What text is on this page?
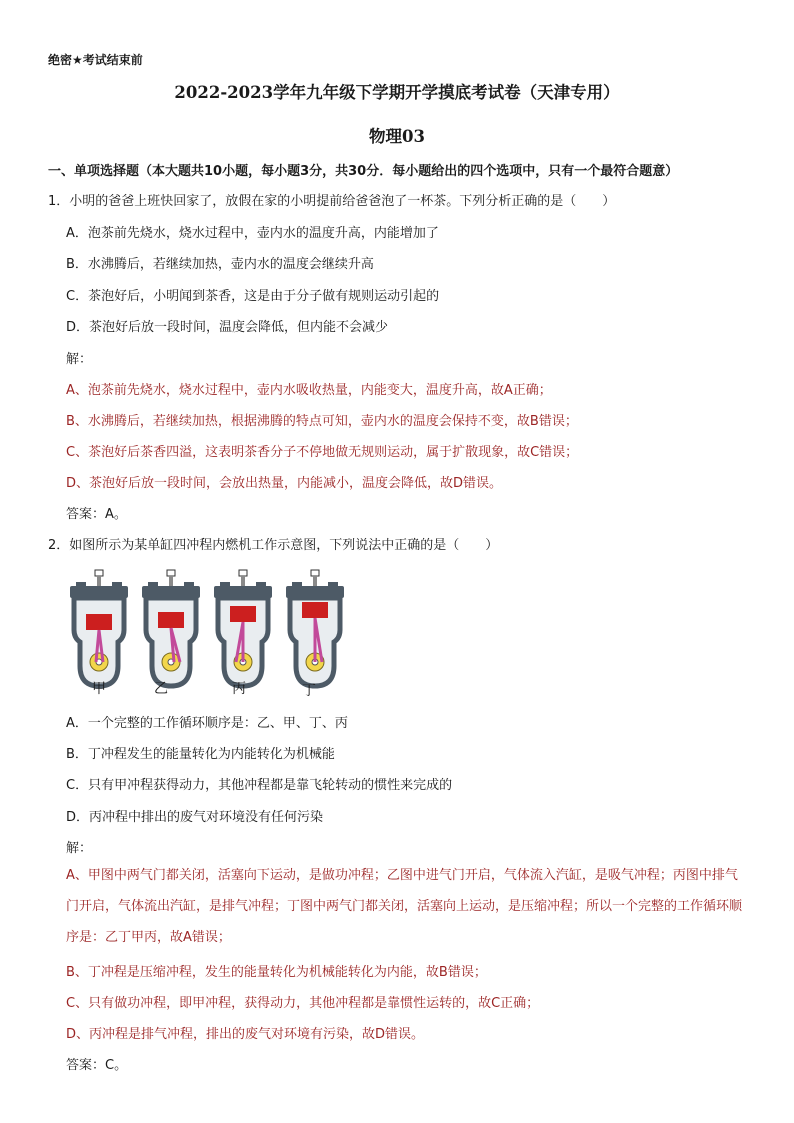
绝密★考试结束前
2022-2023学年九年级下学期开学摸底考试卷（天津专用）
物理03
一、单项选择题（本大题共10小题，每小题3分，共30分．每小题给出的四个选项中，只有一个最符合题意）
1．小明的爸爸上班快回家了，放假在家的小明提前给爸爸泡了一杯茶。下列分析正确的是（　　）
A．泡茶前先烧水，烧水过程中，壶内水的温度升高，内能增加了
B．水沸腾后，若继续加热，壶内水的温度会继续升高
C．茶泡好后，小明闻到茶香，这是由于分子做有规则运动引起的
D．茶泡好后放一段时间，温度会降低，但内能不会减少
解：
A、泡茶前先烧水，烧水过程中，壶内水吸收热量，内能变大，温度升高，故A正确；
B、水沸腾后，若继续加热，根据沸腾的特点可知，壶内水的温度会保持不变，故B错误；
C、茶泡好后茶香四溢，这表明茶香分子不停地做无规则运动，属于扩散现象，故C错误；
D、茶泡好后放一段时间，会放出热量，内能减小，温度会降低，故D错误。
答案：A。
2．如图所示为某单缸四冲程内燃机工作示意图，下列说法中正确的是（　　）
甲	乙	丙	丁
A．一个完整的工作循环顺序是：乙、甲、丁、丙
B．丁冲程发生的能量转化为内能转化为机械能
C．只有甲冲程获得动力，其他冲程都是靠飞轮转动的惯性来完成的
D．丙冲程中排出的废气对环境没有任何污染
解：
A、甲图中两气门都关闭，活塞向下运动，是做功冲程；乙图中进气门开启，气体流入汽缸，是吸气冲程；丙图中排气门开启，气体流出汽缸，是排气冲程；丁图中两气门都关闭，活塞向上运动，是压缩冲程；所以一个完整的工作循环顺序是：乙丁甲丙，故A错误；
B、丁冲程是压缩冲程，发生的能量转化为机械能转化为内能，故B错误；
C、只有做功冲程，即甲冲程，获得动力，其他冲程都是靠惯性运转的，故C正确；
D、丙冲程是排气冲程，排出的废气对环境有污染，故D错误。
答案：C。
